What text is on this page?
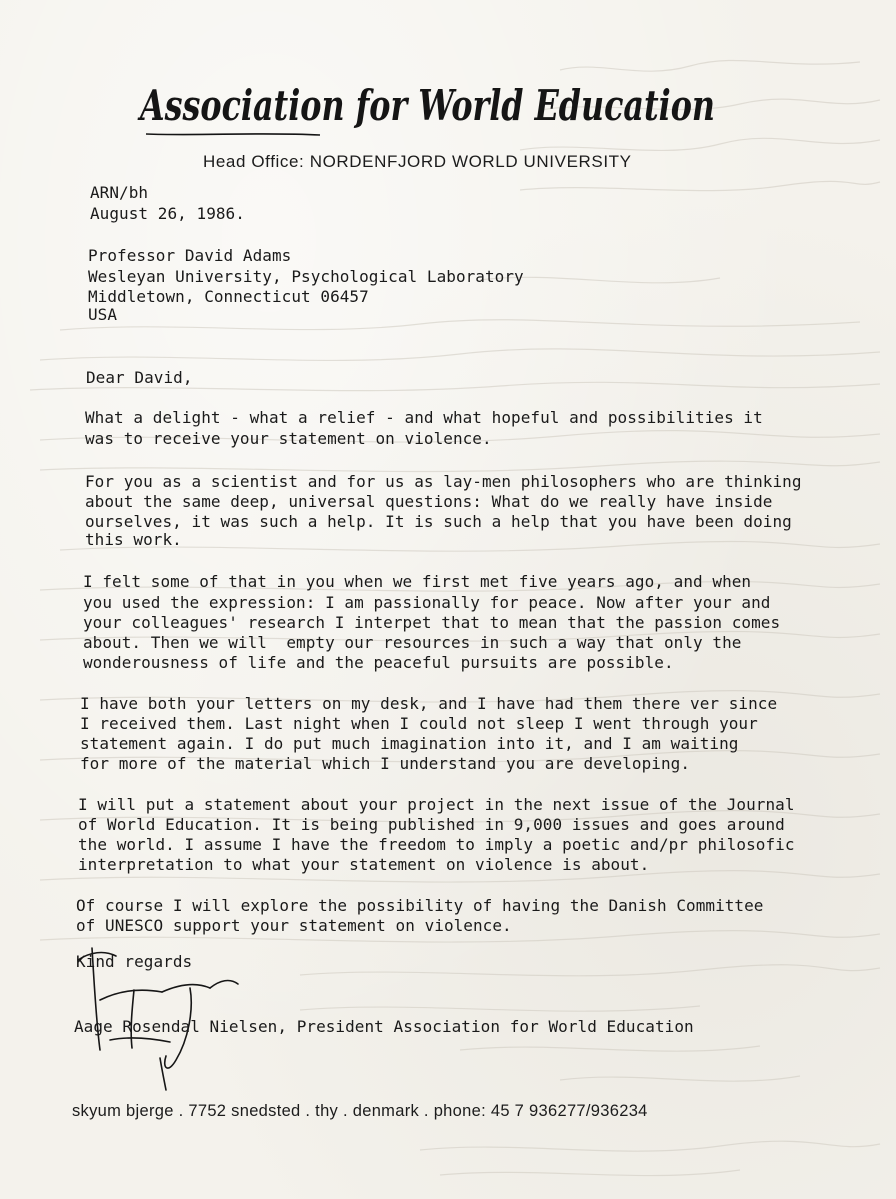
Association for World Education
Head Office: NORDENFJORD WORLD UNIVERSITY
ARN/bh
August 26, 1986.
Professor David Adams
Wesleyan University, Psychological Laboratory
Middletown, Connecticut 06457
USA
Dear David,
What a delight - what a relief - and what hopeful and possibilities it
was to receive your statement on violence.
For you as a scientist and for us as lay-men philosophers who are thinking
about the same deep, universal questions: What do we really have inside
ourselves, it was such a help. It is such a help that you have been doing
this work.
I felt some of that in you when we first met five years ago, and when
you used the expression: I am passionally for peace. Now after your and
your colleagues' research I interpet that to mean that the passion comes
about. Then we will  empty our resources in such a way that only the
wonderousness of life and the peaceful pursuits are possible.
I have both your letters on my desk, and I have had them there ver since
I received them. Last night when I could not sleep I went through your
statement again. I do put much imagination into it, and I am waiting
for more of the material which I understand you are developing.
I will put a statement about your project in the next issue of the Journal
of World Education. It is being published in 9,000 issues and goes around
the world. I assume I have the freedom to imply a poetic and/pr philosofic
interpretation to what your statement on violence is about.
Of course I will explore the possibility of having the Danish Committee
of UNESCO support your statement on violence.
Kind regards
Aage Rosendal Nielsen, President Association for World Education
skyum bjerge . 7752 snedsted . thy . denmark . phone: 45 7 936277/936234
